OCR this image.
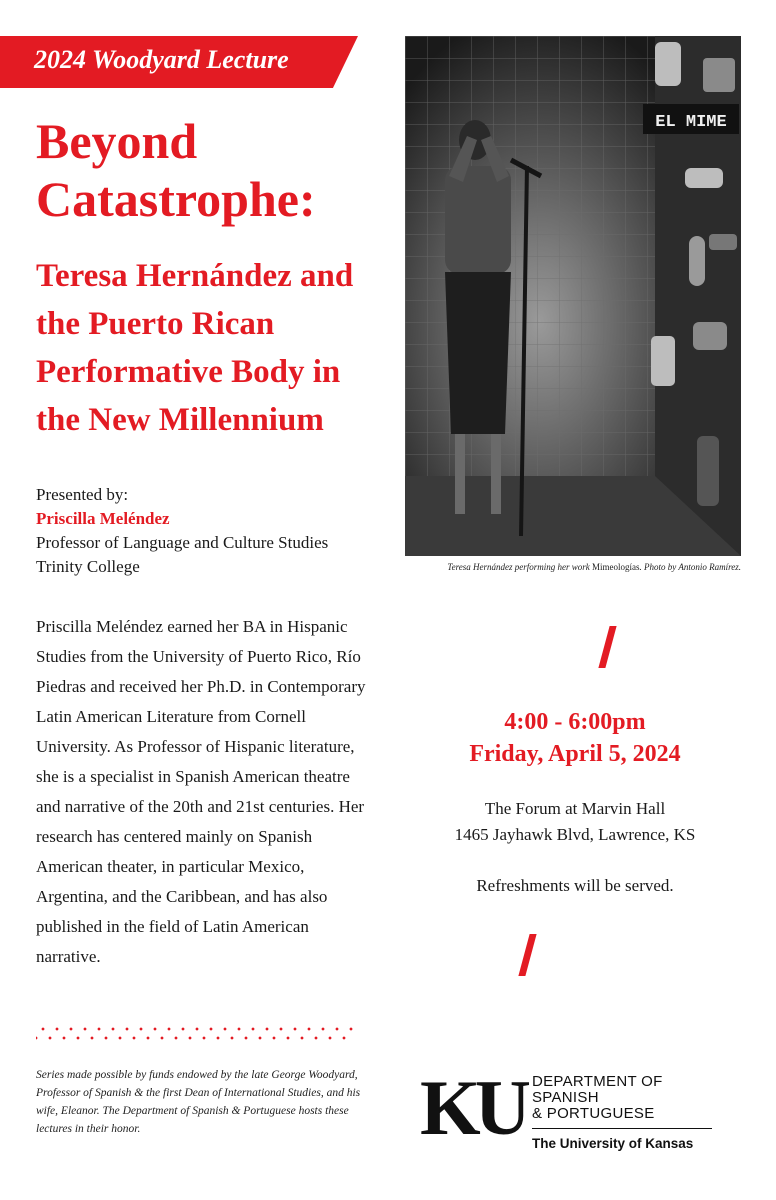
2024 Woodyard Lecture
Beyond Catastrophe:
Teresa Hernández and the Puerto Rican Performative Body in the New Millennium
Presented by:
Priscilla Meléndez
Professor of Language and Culture Studies
Trinity College

Priscilla Meléndez earned her BA in Hispanic Studies from the University of Puerto Rico, Río Piedras and received her Ph.D. in Contemporary Latin American Literature from Cornell University. As Professor of Hispanic literature, she is a specialist in Spanish American theatre and narrative of the 20th and 21st centuries. Her research has centered mainly on Spanish American theater, in particular Mexico, Argentina, and the Caribbean, and has also published in the field of Latin American narrative.

EL MIME
Teresa Hernández performing her work Mimeologías. Photo by Antonio Ramírez.
4:00 - 6:00pm
Friday, April 5, 2024
The Forum at Marvin Hall
1465 Jayhawk Blvd, Lawrence, KS
Refreshments will be served.
Series made possible by funds endowed by the late George Woodyard, Professor of Spanish & the first Dean of International Studies, and his wife, Eleanor. The Department of Spanish & Portuguese hosts these lectures in their honor.	KU DEPARTMENT OF
SPANISH
& PORTUGUESE
The University of Kansas
